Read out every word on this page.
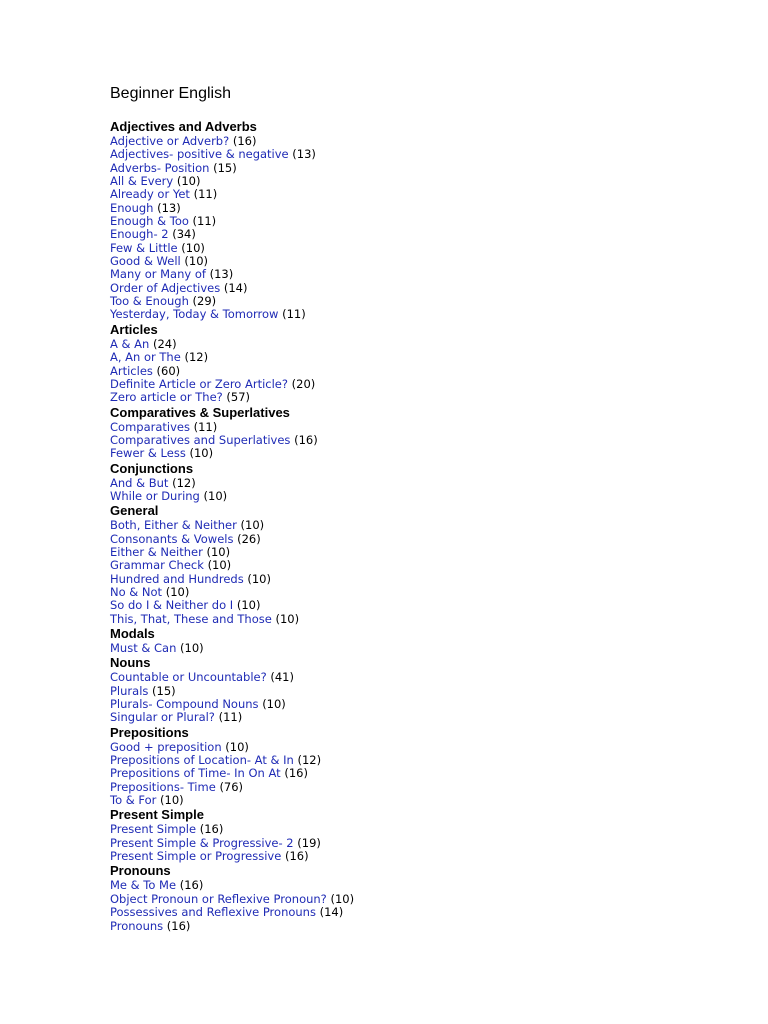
Beginner English
Adjectives and Adverbs
Adjective or Adverb? (16)
Adjectives- positive & negative (13)
Adverbs- Position (15)
All & Every (10)
Already or Yet (11)
Enough (13)
Enough & Too (11)
Enough- 2 (34)
Few & Little (10)
Good & Well (10)
Many or Many of (13)
Order of Adjectives (14)
Too & Enough (29)
Yesterday, Today & Tomorrow (11)
Articles
A & An (24)
A, An or The (12)
Articles (60)
Definite Article or Zero Article? (20)
Zero article or The? (57)
Comparatives & Superlatives
Comparatives (11)
Comparatives and Superlatives (16)
Fewer & Less (10)
Conjunctions
And & But (12)
While or During (10)
General
Both, Either & Neither (10)
Consonants & Vowels (26)
Either & Neither (10)
Grammar Check (10)
Hundred and Hundreds (10)
No & Not (10)
So do I & Neither do I (10)
This, That, These and Those (10)
Modals
Must & Can (10)
Nouns
Countable or Uncountable? (41)
Plurals (15)
Plurals- Compound Nouns (10)
Singular or Plural? (11)
Prepositions
Good + preposition (10)
Prepositions of Location- At & In (12)
Prepositions of Time- In On At (16)
Prepositions- Time (76)
To & For (10)
Present Simple
Present Simple (16)
Present Simple & Progressive- 2 (19)
Present Simple or Progressive (16)
Pronouns
Me & To Me (16)
Object Pronoun or Reflexive Pronoun? (10)
Possessives and Reflexive Pronouns (14)
Pronouns (16)
